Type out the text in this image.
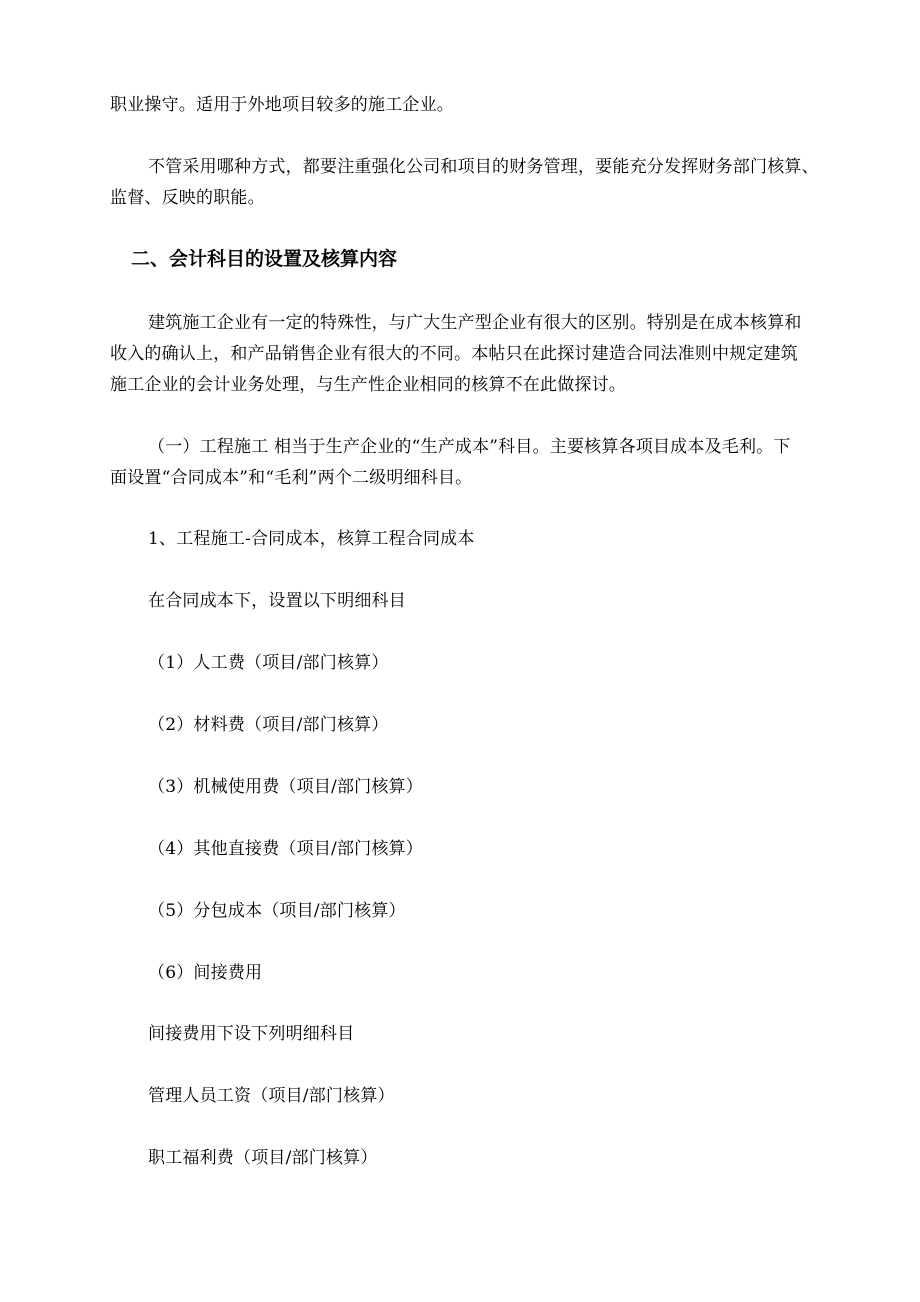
职业操守。适用于外地项目较多的施工企业。
不管采用哪种方式，都要注重强化公司和项目的财务管理，要能充分发挥财务部门核算、
监督、反映的职能。
二、会计科目的设置及核算内容
建筑施工企业有一定的特殊性，与广大生产型企业有很大的区别。特别是在成本核算和
收入的确认上，和产品销售企业有很大的不同。本帖只在此探讨建造合同法准则中规定建筑
施工企业的会计业务处理，与生产性企业相同的核算不在此做探讨。
（一）工程施工 相当于生产企业的“生产成本”科目。主要核算各项目成本及毛利。下
面设置“合同成本”和“毛利”两个二级明细科目。
1、工程施工-合同成本，核算工程合同成本
在合同成本下，设置以下明细科目
（1）人工费（项目/部门核算）
（2）材料费（项目/部门核算）
（3）机械使用费（项目/部门核算）
（4）其他直接费（项目/部门核算）
（5）分包成本（项目/部门核算）
（6）间接费用
间接费用下设下列明细科目
管理人员工资（项目/部门核算）
职工福利费（项目/部门核算）
